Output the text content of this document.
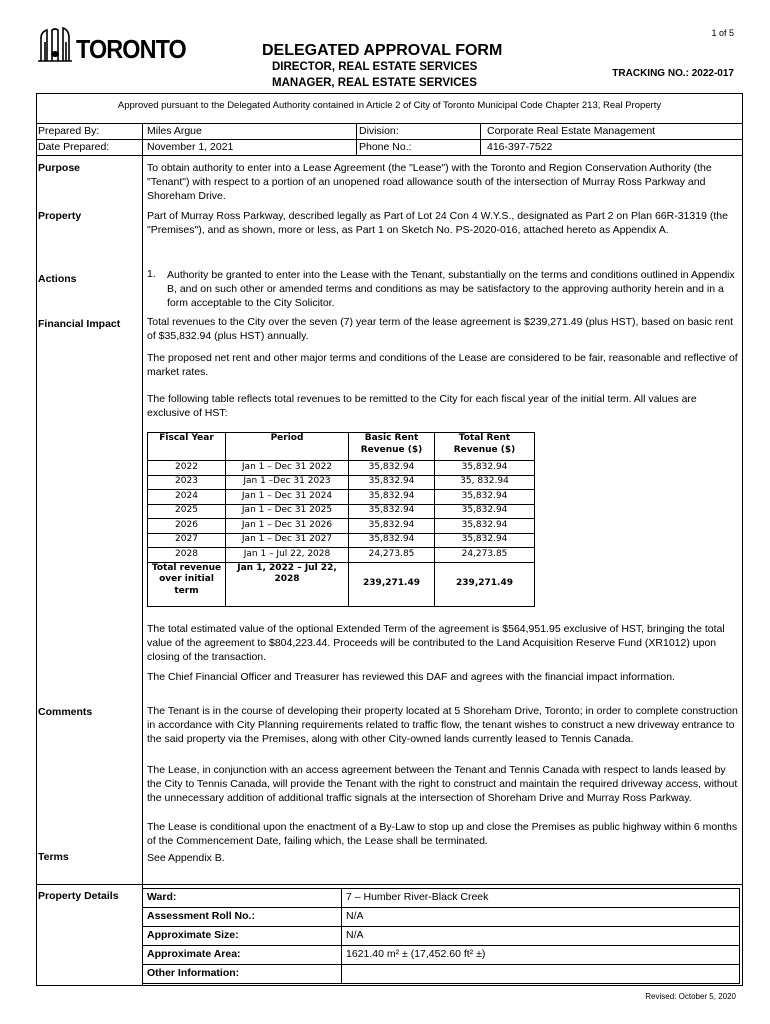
1 of 5
TORONTO	DELEGATED APPROVAL FORM
DIRECTOR, REAL ESTATE SERVICES
MANAGER, REAL ESTATE SERVICES
TRACKING NO.: 2022-017
Approved pursuant to the Delegated Authority contained in Article 2 of City of Toronto Municipal Code Chapter 213, Real Property
Prepared By:	Miles Argue	Division:	Corporate Real Estate Management
Date Prepared:	November 1, 2021	Phone No.:	416-397-7522
Purpose	To obtain authority to enter into a Lease Agreement (the "Lease") with the Toronto and Region Conservation Authority (the "Tenant") with respect to a portion of an unopened road allowance south of the intersection of Murray Ross Parkway and Shoreham Drive.
Property	Part of Murray Ross Parkway, described legally as Part of Lot 24 Con 4 W.Y.S., designated as Part 2 on Plan 66R-31319 (the "Premises"), and as shown, more or less, as Part 1 on Sketch No. PS-2020-016, attached hereto as Appendix A.
Actions	1. Authority be granted to enter into the Lease with the Tenant, substantially on the terms and conditions outlined in Appendix B, and on such other or amended terms and conditions as may be satisfactory to the approving authority herein and in a form acceptable to the City Solicitor.
Financial Impact	Total revenues to the City over the seven (7) year term of the lease agreement is $239,271.49 (plus HST), based on basic rent of $35,832.94 (plus HST) annually.
The proposed net rent and other major terms and conditions of the Lease are considered to be fair, reasonable and reflective of market rates.
The following table reflects total revenues to be remitted to the City for each fiscal year of the initial term. All values are exclusive of HST:
Fiscal Year	Period	Basic Rent Revenue ($)	Total Rent Revenue ($)
2022	Jan 1 – Dec 31 2022	35,832.94	35,832.94
2023	Jan 1 –Dec 31 2023	35,832.94	35, 832.94
2024	Jan 1 – Dec 31 2024	35,832.94	35,832.94
2025	Jan 1 – Dec 31 2025	35,832.94	35,832.94
2026	Jan 1 – Dec 31 2026	35,832.94	35,832.94
2027	Jan 1 – Dec 31 2027	35,832.94	35,832.94
2028	Jan 1 – Jul 22, 2028	24,273.85	24,273.85
Total revenue over initial term	Jan 1, 2022 – Jul 22, 2028	239,271.49	239,271.49
The total estimated value of the optional Extended Term of the agreement is $564,951.95 exclusive of HST, bringing the total value of the agreement to $804,223.44. Proceeds will be contributed to the Land Acquisition Reserve Fund (XR1012) upon closing of the transaction.
The Chief Financial Officer and Treasurer has reviewed this DAF and agrees with the financial impact information.
Comments	The Tenant is in the course of developing their property located at 5 Shoreham Drive, Toronto; in order to complete construction in accordance with City Planning requirements related to traffic flow, the tenant wishes to construct a new driveway entrance to the said property via the Premises, along with other City-owned lands currently leased to Tennis Canada.
The Lease, in conjunction with an access agreement between the Tenant and Tennis Canada with respect to lands leased by the City to Tennis Canada, will provide the Tenant with the right to construct and maintain the required driveway access, without the unnecessary addition of additional traffic signals at the intersection of Shoreham Drive and Murray Ross Parkway.
The Lease is conditional upon the enactment of a By-Law to stop up and close the Premises as public highway within 6 months of the Commencement Date, failing which, the Lease shall be terminated.
Terms	See Appendix B.
Property Details	Ward:	7 – Humber River-Black Creek
Assessment Roll No.:	N/A
Approximate Size:	N/A
Approximate Area:	1621.40 m² ± (17,452.60 ft² ±)
Other Information:	
Revised: October 5, 2020
